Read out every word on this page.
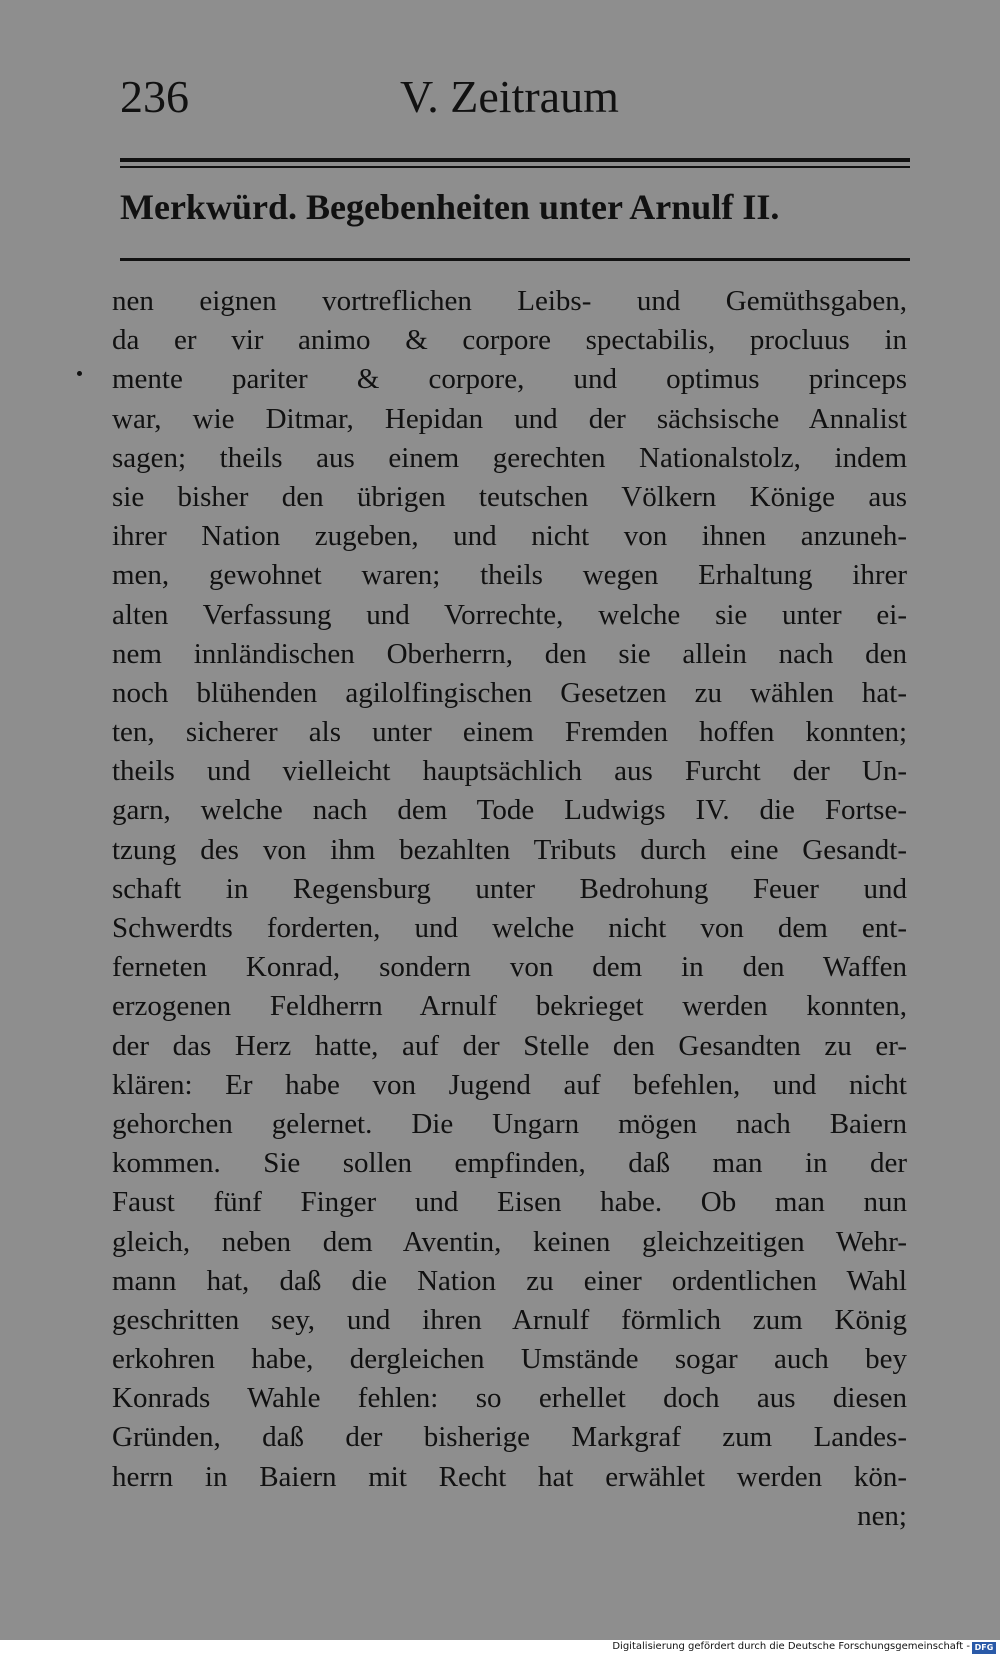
236	V. Zeitraum
Merkwürd. Begebenheiten unter Arnulf II.
nen eignen vortreflichen Leibs- und Gemüthsgaben,
da er vir animo & corpore spectabilis, procluus in
mente pariter & corpore, und optimus princeps
war, wie Ditmar, Hepidan und der sächsische Annalist
sagen; theils aus einem gerechten Nationalstolz, indem
sie bisher den übrigen teutschen Völkern Könige aus
ihrer Nation zugeben, und nicht von ihnen anzuneh-
men, gewohnet waren; theils wegen Erhaltung ihrer
alten Verfassung und Vorrechte, welche sie unter ei-
nem innländischen Oberherrn, den sie allein nach den
noch blühenden agilolfingischen Gesetzen zu wählen hat-
ten, sicherer als unter einem Fremden hoffen konnten;
theils und vielleicht hauptsächlich aus Furcht der Un-
garn, welche nach dem Tode Ludwigs IV. die Fortse-
tzung des von ihm bezahlten Tributs durch eine Gesandt-
schaft in Regensburg unter Bedrohung Feuer und
Schwerdts forderten, und welche nicht von dem ent-
ferneten Konrad, sondern von dem in den Waffen
erzogenen Feldherrn Arnulf bekrieget werden konnten,
der das Herz hatte, auf der Stelle den Gesandten zu er-
klären: Er habe von Jugend auf befehlen, und nicht
gehorchen gelernet. Die Ungarn mögen nach Baiern
kommen. Sie sollen empfinden, daß man in der
Faust fünf Finger und Eisen habe. Ob man nun
gleich, neben dem Aventin, keinen gleichzeitigen Wehr-
mann hat, daß die Nation zu einer ordentlichen Wahl
geschritten sey, und ihren Arnulf förmlich zum König
erkohren habe, dergleichen Umstände sogar auch bey
Konrads Wahle fehlen: so erhellet doch aus diesen
Gründen, daß der bisherige Markgraf zum Landes-
herrn in Baiern mit Recht hat erwählet werden kön-
nen;
Digitalisierung gefördert durch die Deutsche Forschungsgemeinschaft - DFG
